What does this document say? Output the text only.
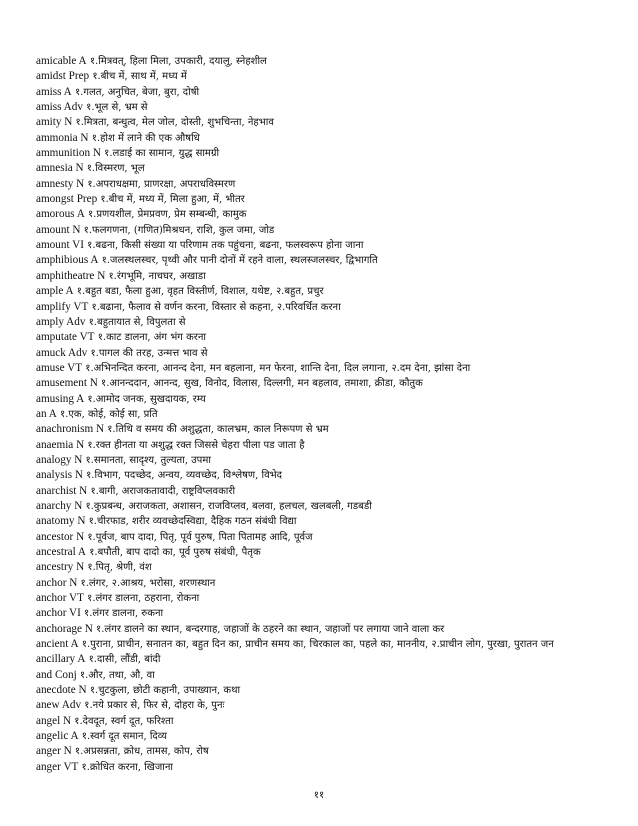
amicable A १.मित्रवत्, हिला मिला, उपकारी, दयालु, स्नेहशील
amidst Prep १.बीच में, साथ में, मध्य में
amiss A १.गलत, अनुचित, बेजा, बुरा, दोषी
amiss Adv १.भूल से, भ्रम से
amity N १.मित्रता, बन्धुत्व, मेल जोल, दोस्ती, शुभचिन्ता, नेहभाव
ammonia N १.होश में लाने की एक औषधि
ammunition N १.लडाई का सामान, युद्ध सामग्री
amnesia N १.विस्मरण, भूल
amnesty N १.अपराधक्षमा, प्राणरक्षा, अपराधविस्मरण
amongst Prep १.बीच में, मध्य में, मिला हुआ, में, भीतर
amorous A १.प्रणयशील, प्रेमप्रवण, प्रेम सम्बन्धी, कामुक
amount N १.फलगणना, (गणित)मिश्रधन, राशि, कुल जमा, जोड
amount VI १.बढना, किसी संख्या या परिणाम तक पहुंचना, बढना, फलस्वरूप होना जाना
amphibious A १.जलस्थलस्चर, पृथ्वी और पानी दोनों में रहने वाला, स्थलस्जलस्चर, द्विभागति
amphitheatre N १.रंगभूमि, नाचघर, अखाडा
ample A १.बहुत बडा, फैला हुआ, वृहत विस्तीर्ण, विशाल, यथेष्ट, २.बहुत, प्रचुर
amplify VT १.बढाना, फैलाव से वर्णन करना, विस्तार से कहना, २.परिवर्धित करना
amply Adv १.बहुतायात से, विपुलता से
amputate VT १.काट डालना, अंग भंग करना
amuck Adv १.पागल की तरह, उन्मत्त भाव से
amuse VT १.अभिनन्दित करना, आनन्द देना, मन बहलाना, मन फेरना, शान्ति देना, दिल लगाना, २.दम देना, झांसा देना
amusement N १.आनन्ददान, आनन्द, सुख, विनोद, विलास, दिल्लगी, मन बहलाव, तमाशा, क्रीडा, कौतुक
amusing A १.आमोद जनक, सुखदायक, रम्य
an A १.एक, कोई, कोई सा, प्रति
anachronism N १.तिथि व समय की अशुद्धता, कालभ्रम, काल निरूपण से भ्रम
anaemia N १.रक्त हीनता या अशुद्ध रक्त जिससे चेहरा पीला पड जाता है
analogy N १.समानता, सादृश्य, तुल्यता, उपमा
analysis N १.विभाग, पदच्छेद, अन्वय, व्यवच्छेद, विश्लेषण, विभेद
anarchist N १.बागी, अराजकतावादी, राष्ट्रविप्लवकारी
anarchy N १.कुप्रबन्ध, अराजकता, अशासन, राजविप्लव, बलवा, हलचल, खलबली, गडबडी
anatomy N १.चीरफाड, शरीर व्यवच्छेदस्विद्या, दैहिक गठन संबंधी विद्या
ancestor N १.पूर्वज, बाप दादा, पितृ, पूर्व पुरुष, पिता पितामह आदि, पूर्वज
ancestral A १.बपौती, बाप दादो का, पूर्व पुरुष संबंधी, पैतृक
ancestry N १.पितृ, श्रेणी, वंश
anchor N १.लंगर, २.आश्रय, भरोसा, शरणस्थान
anchor VT १.लंगर डालना, ठहराना, रोकना
anchor VI १.लंगर डालना, रुकना
anchorage N १.लंगर डालने का स्थान, बन्दरगाह, जहाजों के ठहरने का स्थान, जहाजों पर लगाया जाने वाला कर
ancient A १.पुराना, प्राचीन, सनातन का, बहुत दिन का, प्राचीन समय का, चिरकाल का, पहले का, माननीय, २.प्राचीन लोग, पुरखा, पुरातन जन
ancillary A १.दासी, लौंडी, बांदी
and Conj १.और, तथा, औ, वा
anecdote N १.चुटकुला, छोटी कहानी, उपाख्यान, कथा
anew Adv १.नये प्रकार से, फिर से, दोहरा के, पुनः
angel N १.देवदूत, स्वर्ग दूत, फरिश्ता
angelic A १.स्वर्ग दूत समान, दिव्य
anger N १.अप्रसन्नता, क्रोध, तामस, कोप, रोष
anger VT १.क्रोधित करना, खिजाना
११
